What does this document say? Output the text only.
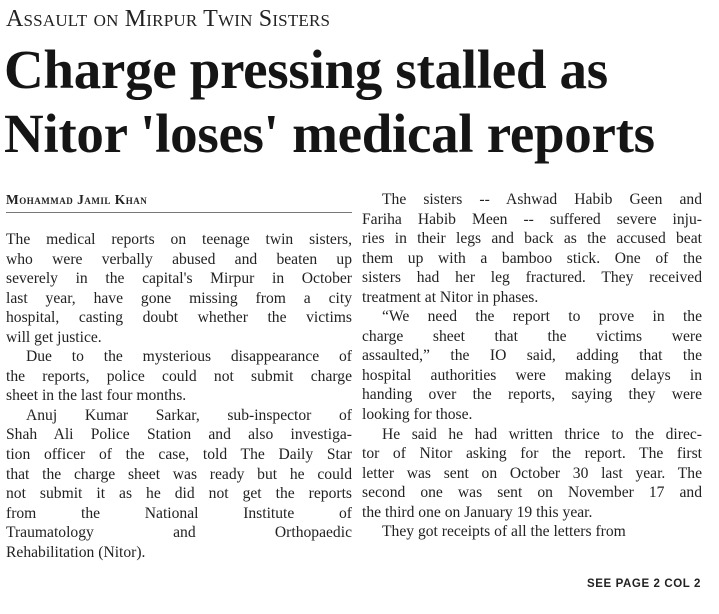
Assault on Mirpur Twin Sisters
Charge pressing stalled as
Nitor 'loses' medical reports
Mohammad Jamil Khan

The medical reports on teenage twin sisters,
who were verbally abused and beaten up
severely in the capital's Mirpur in October
last year, have gone missing from a city
hospital, casting doubt whether the victims
will get justice.

Due to the mysterious disappearance of
the reports, police could not submit charge
sheet in the last four months.

Anuj Kumar Sarkar, sub-inspector of
Shah Ali Police Station and also investiga-
tion officer of the case, told The Daily Star
that the charge sheet was ready but he could
not submit it as he did not get the reports
from the National Institute of
Traumatology and Orthopaedic
Rehabilitation (Nitor).

The sisters -- Ashwad Habib Geen and
Fariha Habib Meen -- suffered severe inju-
ries in their legs and back as the accused beat
them up with a bamboo stick. One of the
sisters had her leg fractured. They received
treatment at Nitor in phases.

“We need the report to prove in the
charge sheet that the victims were
assaulted,” the IO said, adding that the
hospital authorities were making delays in
handing over the reports, saying they were
looking for those.

He said he had written thrice to the direc-
tor of Nitor asking for the report. The first
letter was sent on October 30 last year. The
second one was sent on November 17 and
the third one on January 19 this year.

They got receipts of all the letters from

SEE PAGE 2 COL 2
